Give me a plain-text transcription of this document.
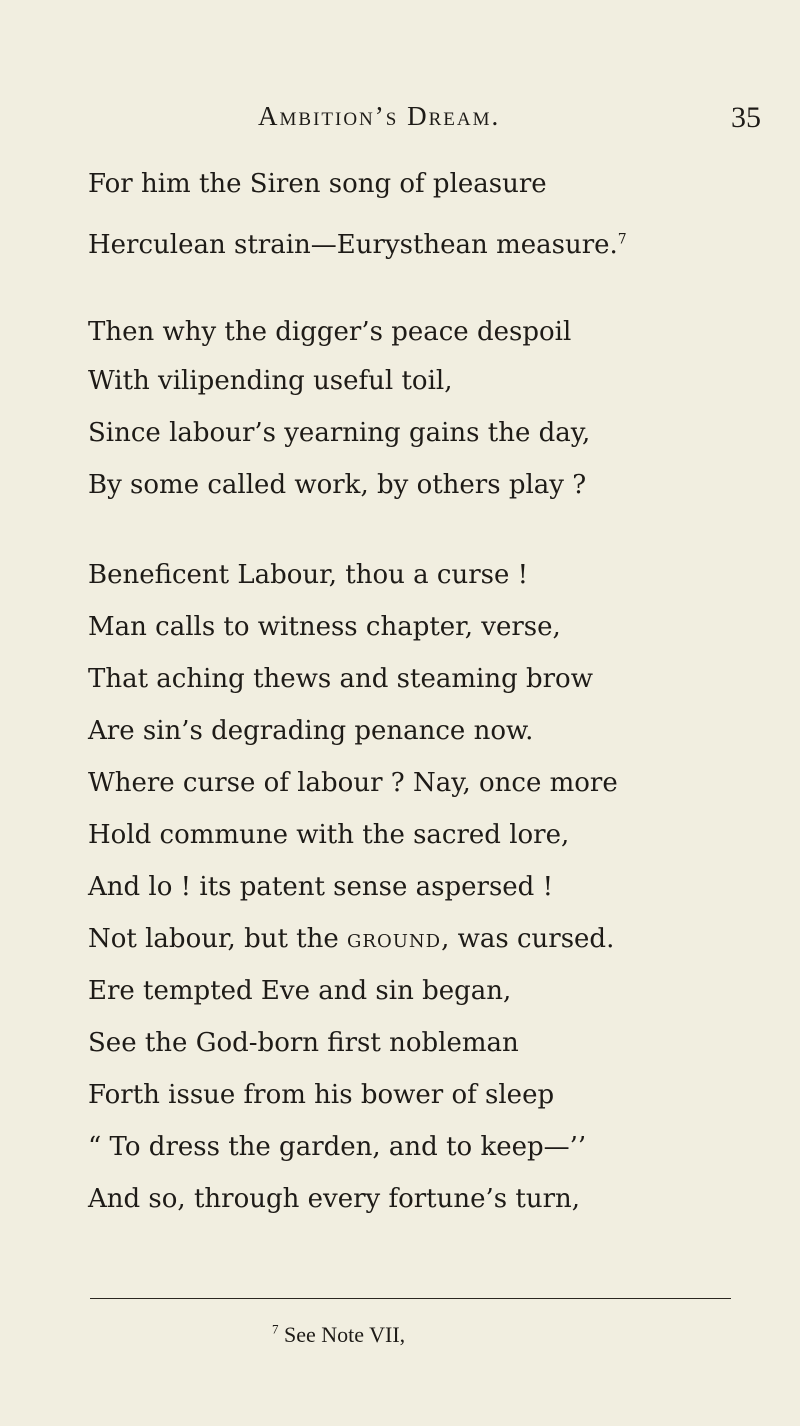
Ambition’s Dream.	35
For him the Siren song of pleasure
Herculean strain—Eurysthean measure.$^7$
Then why the digger’s peace despoil
With vilipending useful toil,
Since labour’s yearning gains the day,
By some called work, by others play ?
Beneficent Labour, thou a curse !
Man calls to witness chapter, verse,
That aching thews and steaming brow
Are sin’s degrading penance now.
Where curse of labour ? Nay, once more
Hold commune with the sacred lore,
And lo ! its patent sense aspersed !
Not labour, but the ground, was cursed.
Ere tempted Eve and sin began,
See the God-born first nobleman
Forth issue from his bower of sleep
“ To dress the garden, and to keep—’’
And so, through every fortune’s turn,
$^7$ See Note VII,
